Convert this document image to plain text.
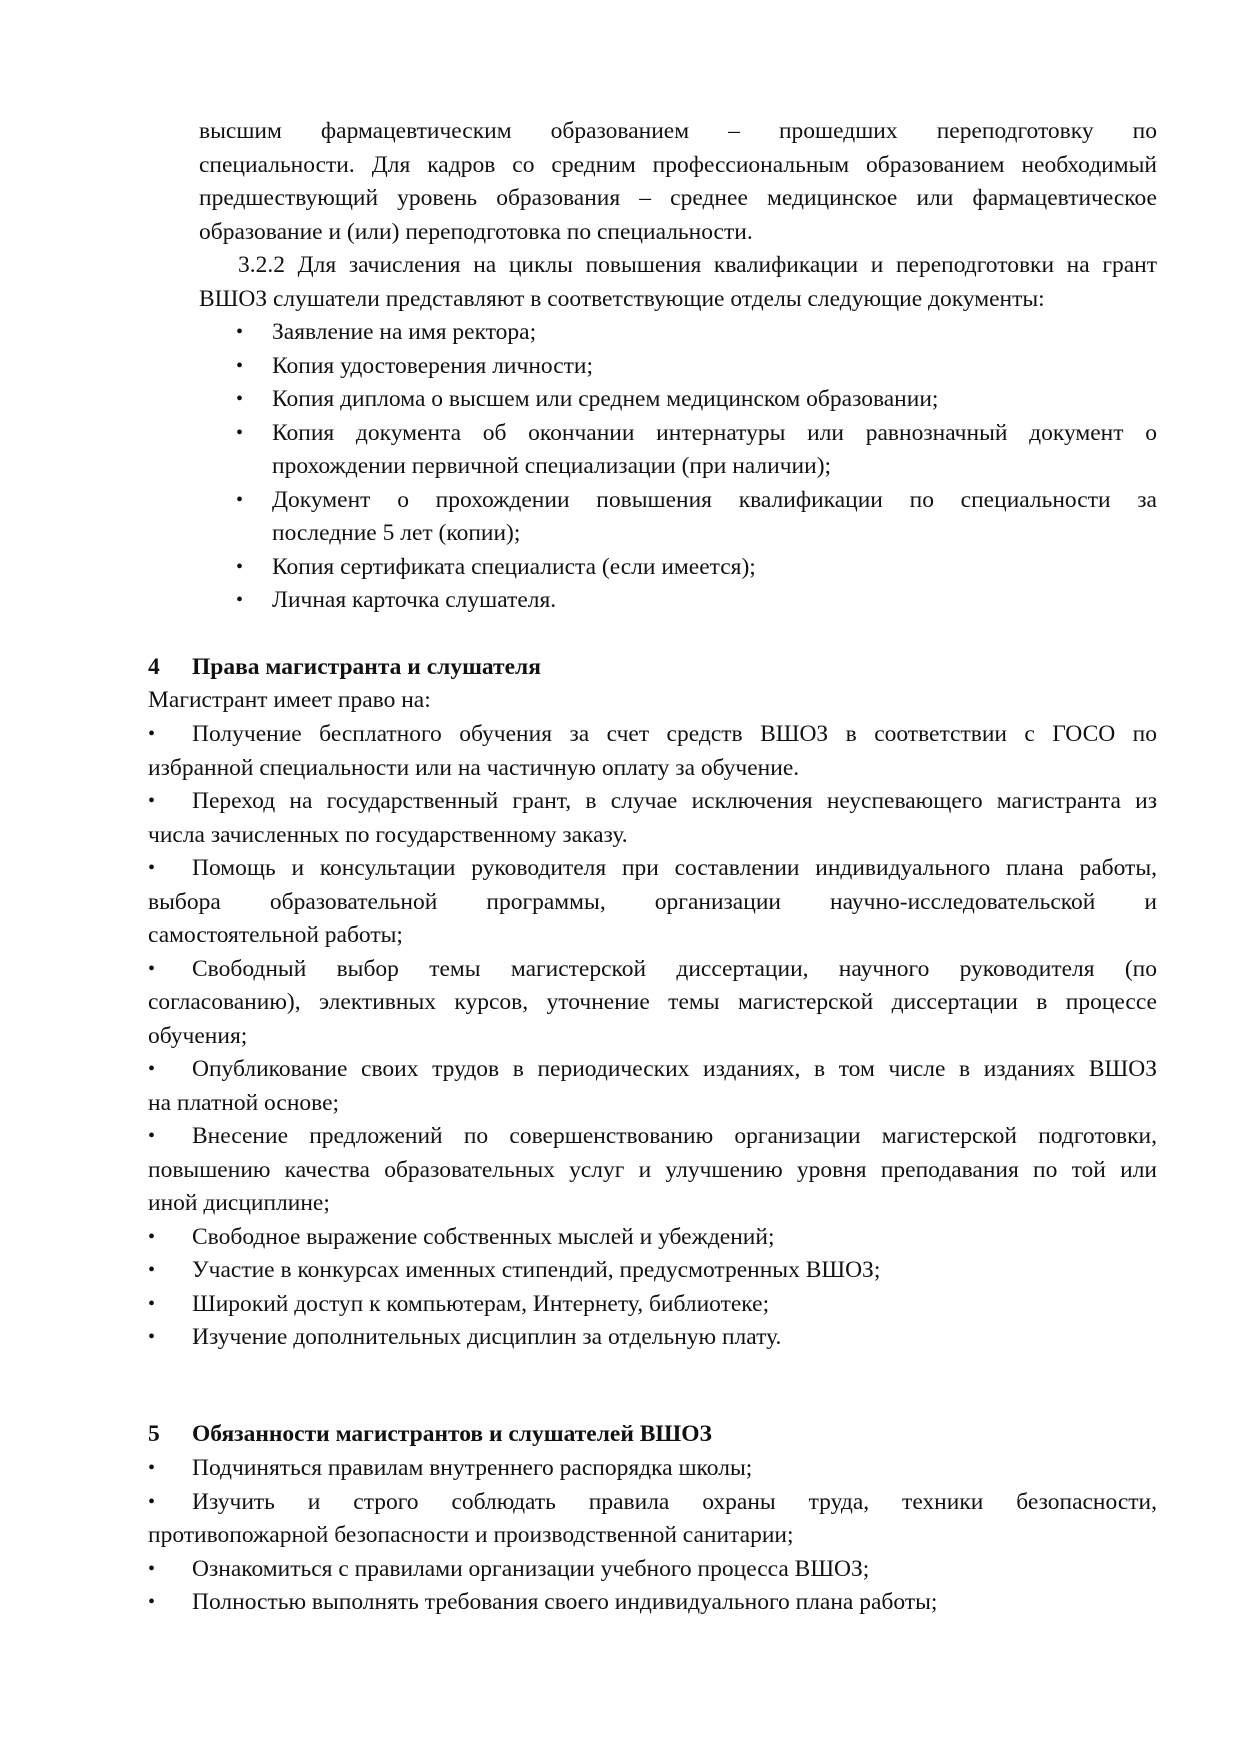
высшим фармацевтическим образованием – прошедших переподготовку по
специальности. Для кадров со средним профессиональным образованием необходимый
предшествующий уровень образования – среднее медицинское или фармацевтическое
образование и (или) переподготовка по специальности.
3.2.2 Для зачисления на циклы повышения квалификации и переподготовки на грант
ВШОЗ слушатели представляют в соответствующие отделы следующие документы:
• Заявление на имя ректора;
• Копия удостоверения личности;
• Копия диплома о высшем или среднем медицинском образовании;
• Копия документа об окончании интернатуры или равнозначный документ о
прохождении первичной специализации (при наличии);
• Документ о прохождении повышения квалификации по специальности за
последние 5 лет (копии);
• Копия сертификата специалиста (если имеется);
• Личная карточка слушателя.
4 Права магистранта и слушателя
Магистрант имеет право на:
• Получение бесплатного обучения за счет средств ВШОЗ в соответствии с ГОСО по
избранной специальности или на частичную оплату за обучение.
• Переход на государственный грант, в случае исключения неуспевающего магистранта из
числа зачисленных по государственному заказу.
• Помощь и консультации руководителя при составлении индивидуального плана работы,
выбора образовательной программы, организации научно-исследовательской и
самостоятельной работы;
• Свободный выбор темы магистерской диссертации, научного руководителя (по
согласованию), элективных курсов, уточнение темы магистерской диссертации в процессе
обучения;
• Опубликование своих трудов в периодических изданиях, в том числе в изданиях ВШОЗ
на платной основе;
• Внесение предложений по совершенствованию организации магистерской подготовки,
повышению качества образовательных услуг и улучшению уровня преподавания по той или
иной дисциплине;
• Свободное выражение собственных мыслей и убеждений;
• Участие в конкурсах именных стипендий, предусмотренных ВШОЗ;
• Широкий доступ к компьютерам, Интернету, библиотеке;
• Изучение дополнительных дисциплин за отдельную плату.
5 Обязанности магистрантов и слушателей ВШОЗ
• Подчиняться правилам внутреннего распорядка школы;
• Изучить и строго соблюдать правила охраны труда, техники безопасности,
противопожарной безопасности и производственной санитарии;
• Ознакомиться с правилами организации учебного процесса ВШОЗ;
• Полностью выполнять требования своего индивидуального плана работы;
